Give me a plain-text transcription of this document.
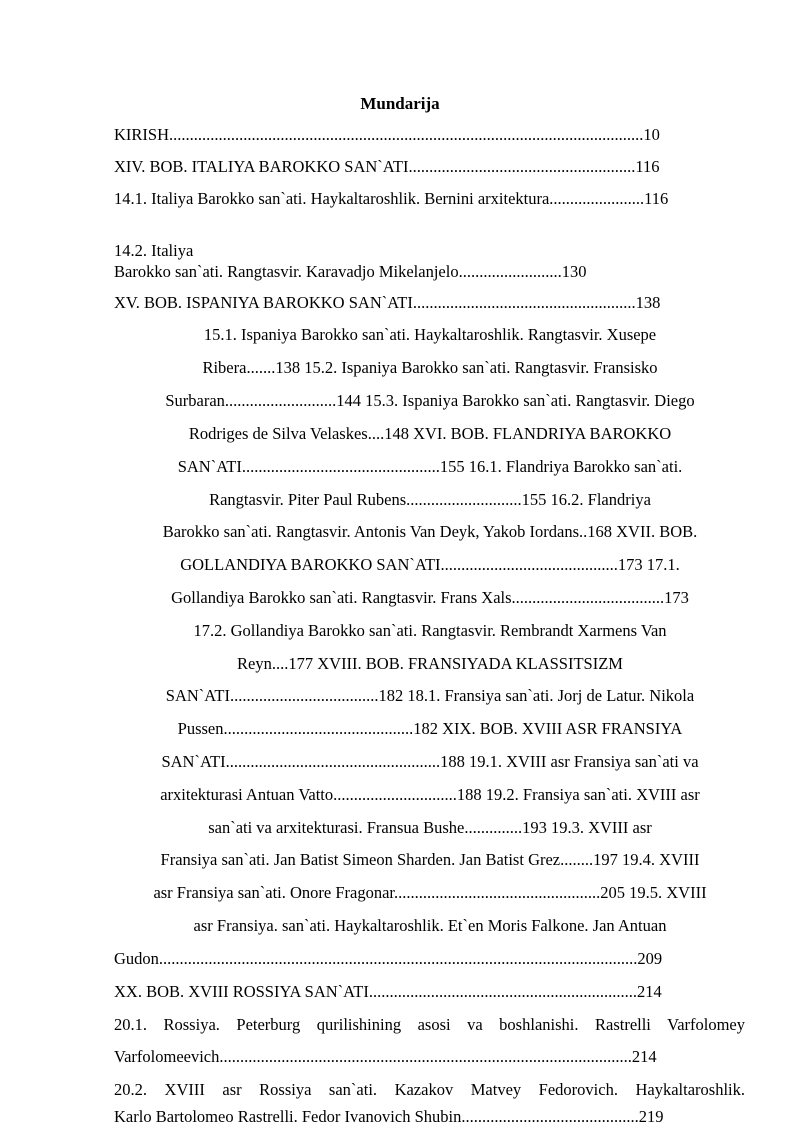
Mundarija
KIRISH...................................................................................................................10
XIV. BOB. ITALIYA BAROKKO SAN`ATI.......................................................116
14.1. Italiya Barokko san`ati. Haykaltaroshlik. Bernini arxitektura.......................116
14.2. Italiya
Barokko san`ati. Rangtasvir. Karavadjo Mikelanjelo.........................130
XV. BOB. ISPANIYA BAROKKO SAN`ATI......................................................138
15.1. Ispaniya Barokko san`ati. Haykaltaroshlik. Rangtasvir. Xusepe
Ribera.......138 15.2. Ispaniya Barokko san`ati. Rangtasvir. Fransisko
Surbaran...........................144 15.3. Ispaniya Barokko san`ati. Rangtasvir. Diego
Rodriges de Silva Velaskes....148 XVI. BOB. FLANDRIYA BAROKKO
SAN`ATI................................................155 16.1. Flandriya Barokko san`ati.
Rangtasvir. Piter Paul Rubens............................155 16.2. Flandriya
Barokko san`ati. Rangtasvir. Antonis Van Deyk, Yakob Iordans..168 XVII. BOB.
GOLLANDIYA BAROKKO SAN`ATI...........................................173 17.1.
Gollandiya Barokko san`ati. Rangtasvir. Frans Xals.....................................173
17.2. Gollandiya Barokko san`ati. Rangtasvir. Rembrandt Xarmens Van
Reyn....177 XVIII. BOB. FRANSIYADA KLASSITSIZM
SAN`ATI....................................182 18.1. Fransiya san`ati. Jorj de Latur. Nikola
Pussen..............................................182 XIX. BOB. XVIII ASR FRANSIYA
SAN`ATI....................................................188 19.1. XVIII asr Fransiya san`ati va
arxitekturasi Antuan Vatto..............................188 19.2. Fransiya san`ati. XVIII asr
san`ati va arxitekturasi. Fransua Bushe..............193 19.3. XVIII asr
Fransiya san`ati. Jan Batist Simeon Sharden. Jan Batist Grez........197 19.4. XVIII
asr Fransiya san`ati. Onore Fragonar..................................................205 19.5. XVIII
asr Fransiya. san`ati. Haykaltaroshlik. Et`en Moris Falkone. Jan Antuan
Gudon....................................................................................................................209
XX. BOB. XVIII ROSSIYA SAN`ATI.................................................................214
20.1. Rossiya. Peterburg qurilishining asosi va boshlanishi. Rastrelli Varfolomey
Varfolomeevich....................................................................................................214
20.2. XVIII asr Rossiya san`ati. Kazakov Matvey Fedorovich. Haykaltaroshlik.
Karlo Bartolomeo Rastrelli. Fedor Ivanovich Shubin...........................................219
